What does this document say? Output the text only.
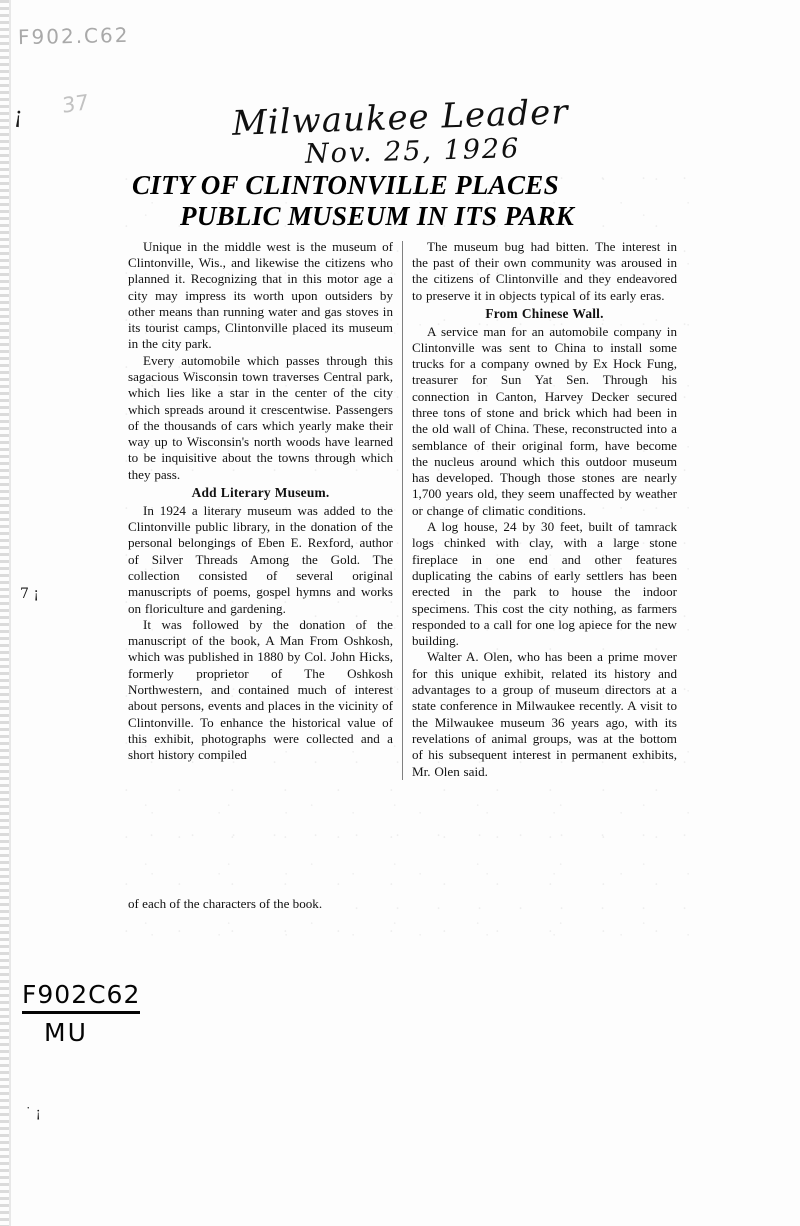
F902.C62
37
¡
7 ¡
˙ ¡
Milwaukee Leader
Nov. 25, 1926
CITY OF CLINTONVILLE PLACES
PUBLIC MUSEUM IN ITS PARK

Unique in the middle west is the museum of Clintonville, Wis., and likewise the citizens who planned it. Recognizing that in this motor age a city may impress its worth upon outsiders by other means than running water and gas stoves in its tourist camps, Clintonville placed its museum in the city park.

Every automobile which passes through this sagacious Wisconsin town traverses Central park, which lies like a star in the center of the city which spreads around it crescentwise. Passengers of the thousands of cars which yearly make their way up to Wisconsin's north woods have learned to be inquisitive about the towns through which they pass.

Add Literary Museum.

In 1924 a literary museum was added to the Clintonville public library, in the donation of the personal belongings of Eben E. Rexford, author of Silver Threads Among the Gold. The collection consisted of several original manuscripts of poems, gospel hymns and works on floriculture and gardening.

It was followed by the donation of the manuscript of the book, A Man From Oshkosh, which was published in 1880 by Col. John Hicks, formerly proprietor of The Oshkosh Northwestern, and contained much of interest about persons, events and places in the vicinity of Clintonville. To enhance the historical value of this exhibit, photographs were collected and a short history compiled

The museum bug had bitten. The interest in the past of their own community was aroused in the citizens of Clintonville and they endeavored to preserve it in objects typical of its early eras.

From Chinese Wall.

A service man for an automobile company in Clintonville was sent to China to install some trucks for a company owned by Ex Hock Fung, treasurer for Sun Yat Sen. Through his connection in Canton, Harvey Decker secured three tons of stone and brick which had been in the old wall of China. These, reconstructed into a semblance of their original form, have become the nucleus around which this outdoor museum has developed. Though those stones are nearly 1,700 years old, they seem unaffected by weather or change of climatic conditions.

A log house, 24 by 30 feet, built of tamrack logs chinked with clay, with a large stone fireplace in one end and other features duplicating the cabins of early settlers has been erected in the park to house the indoor specimens. This cost the city nothing, as farmers responded to a call for one log apiece for the new building.

Walter A. Olen, who has been a prime mover for this unique exhibit, related its history and advantages to a group of museum directors at a state conference in Milwaukee recently. A visit to the Milwaukee museum 36 years ago, with its revelations of animal groups, was at the bottom of his subsequent interest in permanent exhibits, Mr. Olen said.

of each of the characters of the book.

F902C62
MU
